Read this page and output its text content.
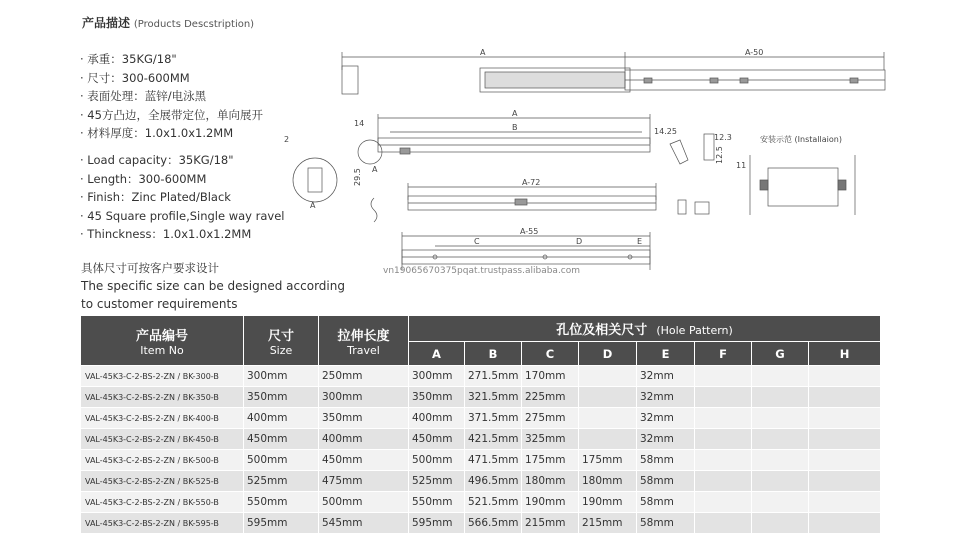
产品描述 (Products Descstription)
· 承重：35KG/18"
· 尺寸：300-600MM
· 表面处理：蓝锌/电泳黑
· 45方凸边，全展带定位，单向展开
· 材料厚度：1.0x1.0x1.2MM
· Load capacity：35KG/18"
· Length：300-600MM
· Finish：Zinc Plated/Black
· 45 Square profile,Single way ravel
· Thinckness：1.0x1.0x1.2MM
具体尺寸可按客户要求设计
The specific size can be designed according
to customer requirements
A	A-50
A
B
14
14.25
2
29.5 A
A
12.3
12.5
11
安装示范 (Installaion)
A-72
A-55
C	D	E
vn19065670375pqat.trustpass.alibaba.com
产品编号
Item No	尺寸
Size	拉伸长度
Travel	孔位及相关尺寸 (Hole Pattern)							
			A	B	C	D	E	F	G	H
VAL-45K3-C-2-BS-2-ZN / BK-300-B	300mm	250mm	300mm	271.5mm	170mm		32mm			
VAL-45K3-C-2-BS-2-ZN / BK-350-B	350mm	300mm	350mm	321.5mm	225mm		32mm			
VAL-45K3-C-2-BS-2-ZN / BK-400-B	400mm	350mm	400mm	371.5mm	275mm		32mm			
VAL-45K3-C-2-BS-2-ZN / BK-450-B	450mm	400mm	450mm	421.5mm	325mm		32mm			
VAL-45K3-C-2-BS-2-ZN / BK-500-B	500mm	450mm	500mm	471.5mm	175mm	175mm	58mm			
VAL-45K3-C-2-BS-2-ZN / BK-525-B	525mm	475mm	525mm	496.5mm	180mm	180mm	58mm			
VAL-45K3-C-2-BS-2-ZN / BK-550-B	550mm	500mm	550mm	521.5mm	190mm	190mm	58mm			
VAL-45K3-C-2-BS-2-ZN / BK-595-B	595mm	545mm	595mm	566.5mm	215mm	215mm	58mm			
